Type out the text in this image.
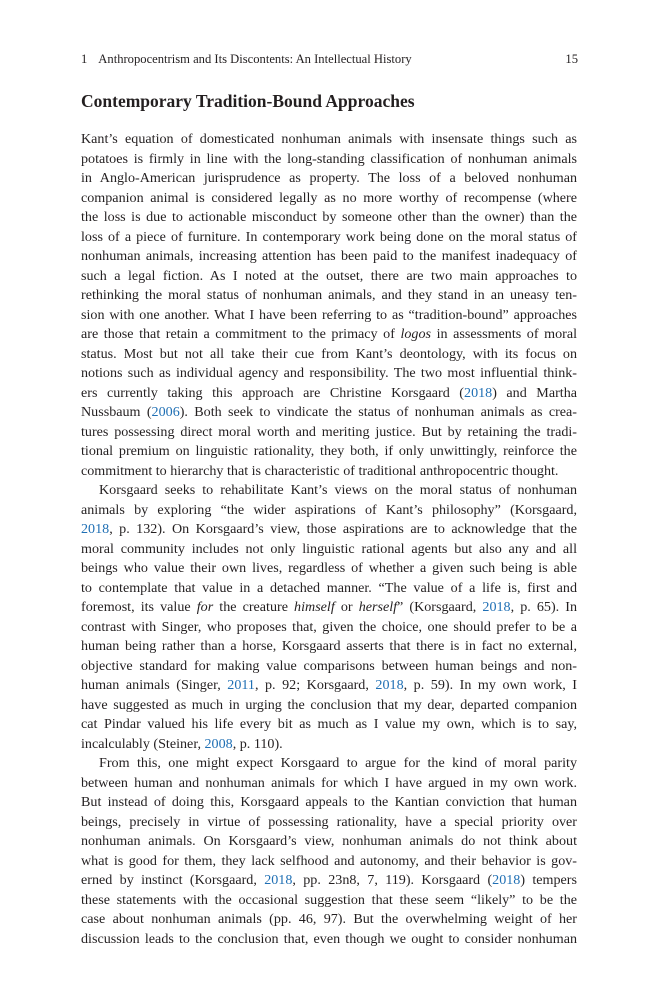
1 Anthropocentrism and Its Discontents: An Intellectual History	15
Contemporary Tradition-Bound Approaches

Kant’s equation of domesticated nonhuman animals with insensate things such as

potatoes is firmly in line with the long-standing classification of nonhuman animals

in Anglo-American jurisprudence as property. The loss of a beloved nonhuman

companion animal is considered legally as no more worthy of recompense (where

the loss is due to actionable misconduct by someone other than the owner) than the

loss of a piece of furniture. In contemporary work being done on the moral status of

nonhuman animals, increasing attention has been paid to the manifest inadequacy of

such a legal fiction. As I noted at the outset, there are two main approaches to

rethinking the moral status of nonhuman animals, and they stand in an uneasy ten-

sion with one another. What I have been referring to as “tradition-bound” approaches

are those that retain a commitment to the primacy of logos in assessments of moral

status. Most but not all take their cue from Kant’s deontology, with its focus on

notions such as individual agency and responsibility. The two most influential think-

ers currently taking this approach are Christine Korsgaard (2018) and Martha

Nussbaum (2006). Both seek to vindicate the status of nonhuman animals as crea-

tures possessing direct moral worth and meriting justice. But by retaining the tradi-

tional premium on linguistic rationality, they both, if only unwittingly, reinforce the

commitment to hierarchy that is characteristic of traditional anthropocentric thought.

Korsgaard seeks to rehabilitate Kant’s views on the moral status of nonhuman

animals by exploring “the wider aspirations of Kant’s philosophy” (Korsgaard,

2018, p. 132). On Korsgaard’s view, those aspirations are to acknowledge that the

moral community includes not only linguistic rational agents but also any and all

beings who value their own lives, regardless of whether a given such being is able

to contemplate that value in a detached manner. “The value of a life is, first and

foremost, its value for the creature himself or herself” (Korsgaard, 2018, p. 65). In

contrast with Singer, who proposes that, given the choice, one should prefer to be a

human being rather than a horse, Korsgaard asserts that there is in fact no external,

objective standard for making value comparisons between human beings and non-

human animals (Singer, 2011, p. 92; Korsgaard, 2018, p. 59). In my own work, I

have suggested as much in urging the conclusion that my dear, departed companion

cat Pindar valued his life every bit as much as I value my own, which is to say,

incalculably (Steiner, 2008, p. 110).

From this, one might expect Korsgaard to argue for the kind of moral parity

between human and nonhuman animals for which I have argued in my own work.

But instead of doing this, Korsgaard appeals to the Kantian conviction that human

beings, precisely in virtue of possessing rationality, have a special priority over

nonhuman animals. On Korsgaard’s view, nonhuman animals do not think about

what is good for them, they lack selfhood and autonomy, and their behavior is gov-

erned by instinct (Korsgaard, 2018, pp. 23n8, 7, 119). Korsgaard (2018) tempers

these statements with the occasional suggestion that these seem “likely” to be the

case about nonhuman animals (pp. 46, 97). But the overwhelming weight of her

discussion leads to the conclusion that, even though we ought to consider nonhuman
